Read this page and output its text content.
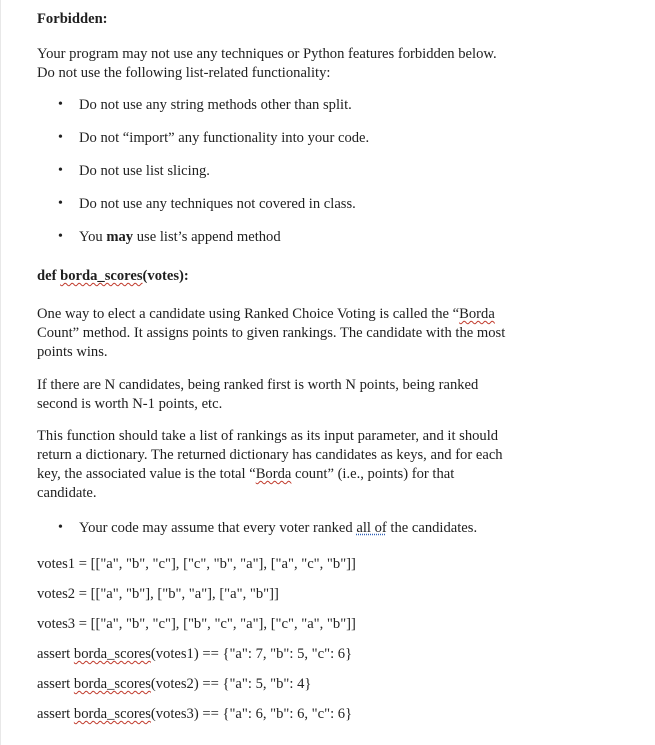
Forbidden:
Your program may not use any techniques or Python features forbidden below.
Do not use the following list-related functionality:
• Do not use any string methods other than split.
• Do not “import” any functionality into your code.
• Do not use list slicing.
• Do not use any techniques not covered in class.
• You may use list’s append method
def borda_scores(votes):
One way to elect a candidate using Ranked Choice Voting is called the “Borda
Count” method. It assigns points to given rankings. The candidate with the most
points wins.
If there are N candidates, being ranked first is worth N points, being ranked
second is worth N-1 points, etc.
This function should take a list of rankings as its input parameter, and it should
return a dictionary. The returned dictionary has candidates as keys, and for each
key, the associated value is the total “Borda count” (i.e., points) for that
candidate.
• Your code may assume that every voter ranked all of the candidates.
votes1 = [["a", "b", "c"], ["c", "b", "a"], ["a", "c", "b"]]
votes2 = [["a", "b"], ["b", "a"], ["a", "b"]]
votes3 = [["a", "b", "c"], ["b", "c", "a"], ["c", "a", "b"]]
assert borda_scores(votes1) == {"a": 7, "b": 5, "c": 6}
assert borda_scores(votes2) == {"a": 5, "b": 4}
assert borda_scores(votes3) == {"a": 6, "b": 6, "c": 6}
